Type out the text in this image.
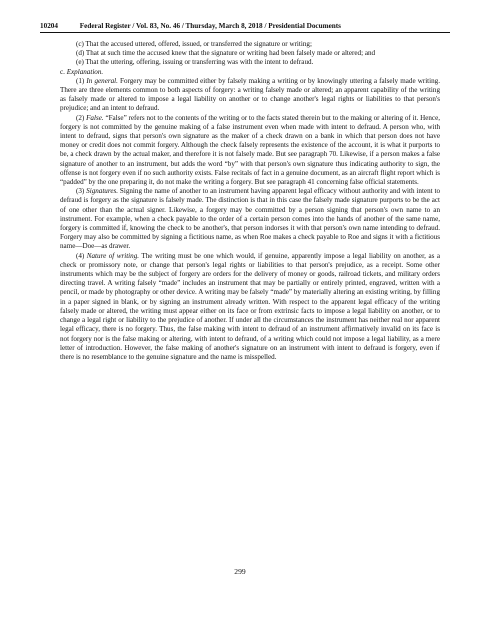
10204	Federal Register / Vol. 83, No. 46 / Thursday, March 8, 2018 / Presidential Documents

(c) That the accused uttered, offered, issued, or transferred the signature or writing;

(d) That at such time the accused knew that the signature or writing had been falsely made or altered; and

(e) That the uttering, offering, issuing or transferring was with the intent to defraud.

c. Explanation.

(1) In general. Forgery may be committed either by falsely making a writing or by knowingly uttering a falsely made writing. There are three elements common to both aspects of forgery: a writing falsely made or altered; an apparent capability of the writing as falsely made or altered to impose a legal liability on another or to change another's legal rights or liabilities to that person's prejudice; and an intent to defraud.

(2) False. “False” refers not to the contents of the writing or to the facts stated therein but to the making or altering of it. Hence, forgery is not committed by the genuine making of a false instrument even when made with intent to defraud. A person who, with intent to defraud, signs that person's own signature as the maker of a check drawn on a bank in which that person does not have money or credit does not commit forgery. Although the check falsely represents the existence of the account, it is what it purports to be, a check drawn by the actual maker, and therefore it is not falsely made. But see paragraph 70. Likewise, if a person makes a false signature of another to an instrument, but adds the word “by” with that person's own signature thus indicating authority to sign, the offense is not forgery even if no such authority exists. False recitals of fact in a genuine document, as an aircraft flight report which is “padded” by the one preparing it, do not make the writing a forgery. But see paragraph 41 concerning false official statements.

(3) Signatures. Signing the name of another to an instrument having apparent legal efficacy without authority and with intent to defraud is forgery as the signature is falsely made. The distinction is that in this case the falsely made signature purports to be the act of one other than the actual signer. Likewise, a forgery may be committed by a person signing that person's own name to an instrument. For example, when a check payable to the order of a certain person comes into the hands of another of the same name, forgery is committed if, knowing the check to be another's, that person indorses it with that person's own name intending to defraud. Forgery may also be committed by signing a fictitious name, as when Roe makes a check payable to Roe and signs it with a fictitious name—Doe—as drawer.

(4) Nature of writing. The writing must be one which would, if genuine, apparently impose a legal liability on another, as a check or promissory note, or change that person's legal rights or liabilities to that person's prejudice, as a receipt. Some other instruments which may be the subject of forgery are orders for the delivery of money or goods, railroad tickets, and military orders directing travel. A writing falsely “made” includes an instrument that may be partially or entirely printed, engraved, written with a pencil, or made by photography or other device. A writing may be falsely “made” by materially altering an existing writing, by filling in a paper signed in blank, or by signing an instrument already written. With respect to the apparent legal efficacy of the writing falsely made or altered, the writing must appear either on its face or from extrinsic facts to impose a legal liability on another, or to change a legal right or liability to the prejudice of another. If under all the circumstances the instrument has neither real nor apparent legal efficacy, there is no forgery. Thus, the false making with intent to defraud of an instrument affirmatively invalid on its face is not forgery nor is the false making or altering, with intent to defraud, of a writing which could not impose a legal liability, as a mere letter of introduction. However, the false making of another's signature on an instrument with intent to defraud is forgery, even if there is no resemblance to the genuine signature and the name is misspelled.

299
